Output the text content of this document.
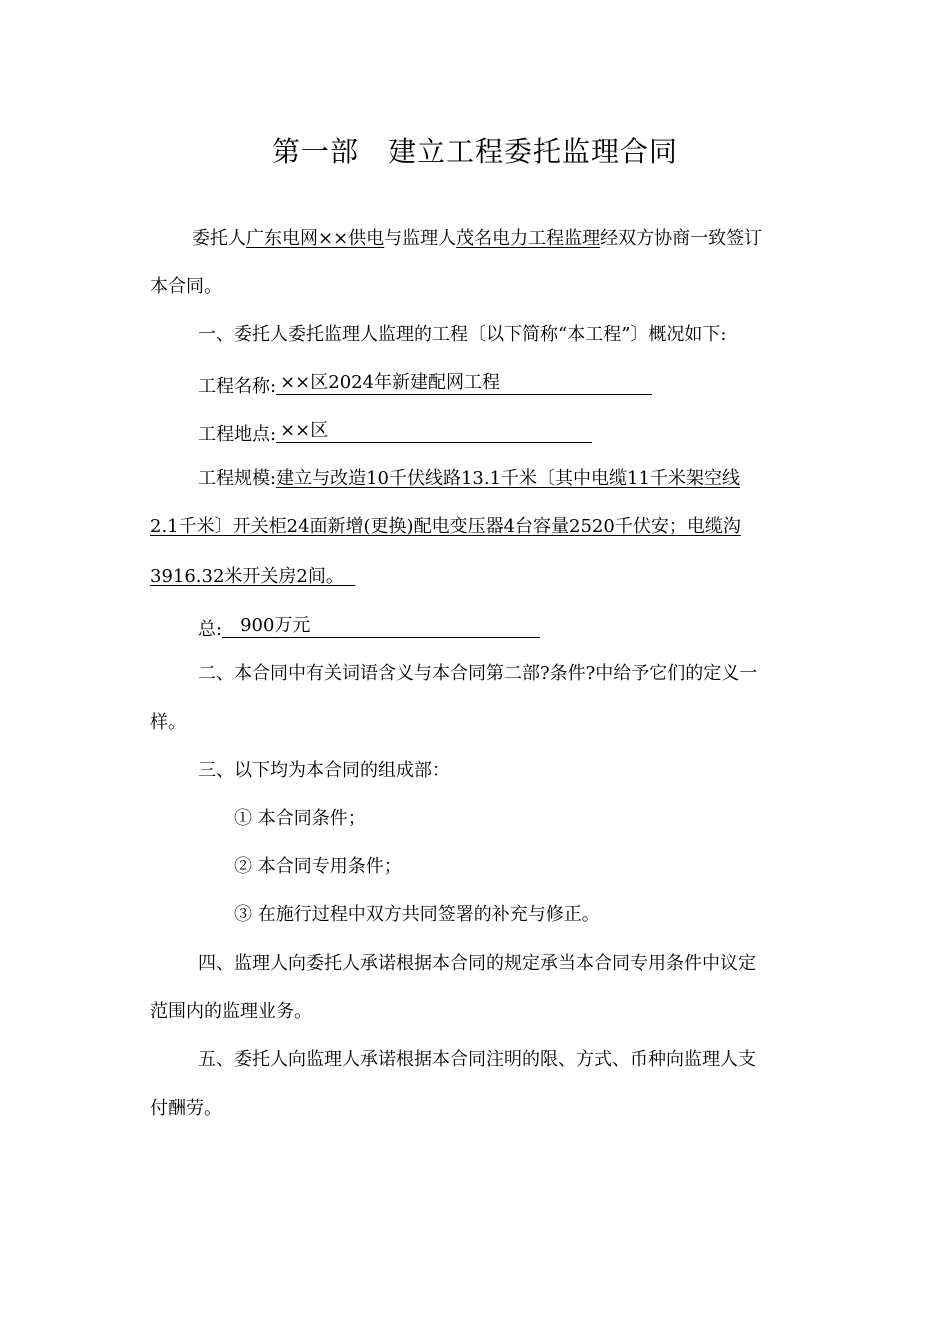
第一部　建立工程委托监理合同
委托人广东电网××供电与监理人茂名电力工程监理经双方协商一致签订
本合同。
一、委托人委托监理人监理的工程〔以下简称“本工程”〕概况如下:
工程名称: ××区2024年新建配网工程
工程地点: ××区
工程规模:建立与改造10千伏线路13.1千米〔其中电缆11千米架空线
2.1千米〕开关柜24面新增(更换)配电变压器4台容量2520千伏安；电缆沟
3916.32米开关房2间。
总: 900万元
二、本合同中有关词语含义与本合同第二部?条件?中给予它们的定义一
样。
三、以下均为本合同的组成部：
① 本合同条件；
② 本合同专用条件；
③ 在施行过程中双方共同签署的补充与修正。
四、监理人向委托人承诺根据本合同的规定承当本合同专用条件中议定
范围内的监理业务。
五、委托人向监理人承诺根据本合同注明的限、方式、币种向监理人支
付酬劳。
